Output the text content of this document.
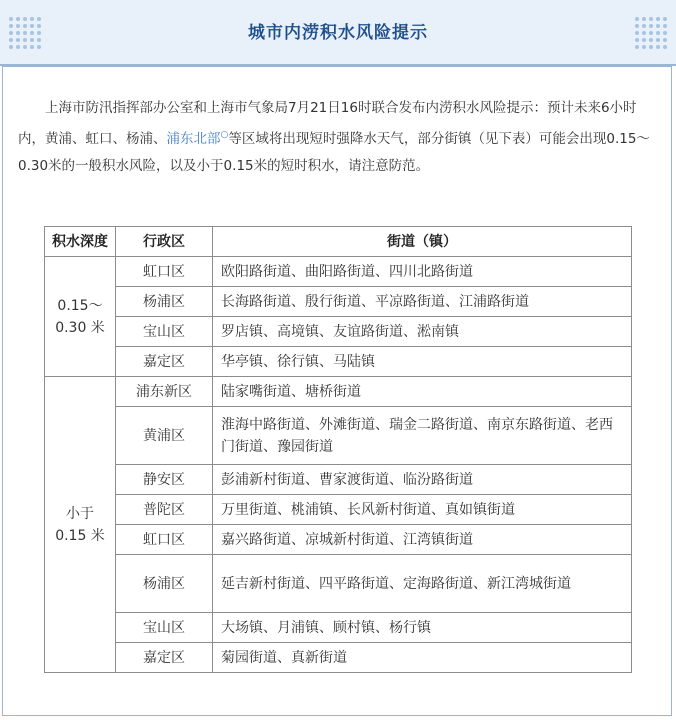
城市内涝积水风险提示

上海市防汛指挥部办公室和上海市气象局7月21日16时联合发布内涝积水风险提示：预计未来6小时内，黄浦、虹口、杨浦、浦东北部○等区域将出现短时强降水天气，部分街镇（见下表）可能会出现0.15～0.30米的一般积水风险，以及小于0.15米的短时积水，请注意防范。

积水深度	行政区	街道（镇）
0.15～0.30 米	虹口区	欧阳路街道、曲阳路街道、四川北路街道
	杨浦区	长海路街道、殷行街道、平凉路街道、江浦路街道
	宝山区	罗店镇、高境镇、友谊路街道、淞南镇
	嘉定区	华亭镇、徐行镇、马陆镇
小于 0.15 米	浦东新区	陆家嘴街道、塘桥街道
	黄浦区	淮海中路街道、外滩街道、瑞金二路街道、南京东路街道、老西门街道、豫园街道
	静安区	彭浦新村街道、曹家渡街道、临汾路街道
	普陀区	万里街道、桃浦镇、长风新村街道、真如镇街道
	虹口区	嘉兴路街道、凉城新村街道、江湾镇街道
	杨浦区	延吉新村街道、四平路街道、定海路街道、新江湾城街道
	宝山区	大场镇、月浦镇、顾村镇、杨行镇
	嘉定区	菊园街道、真新街道
